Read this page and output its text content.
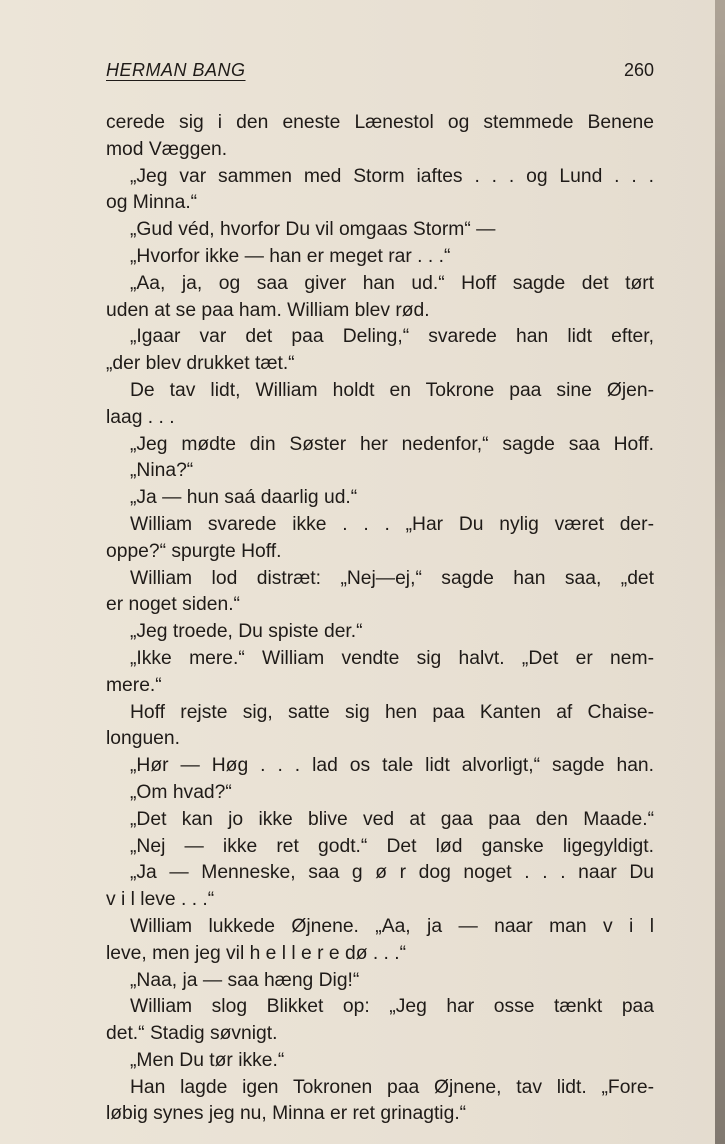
HERMAN BANG	260
cerede sig i den eneste Lænestol og stemmede Benene
mod Væggen.
„Jeg var sammen med Storm iaftes . . . og Lund . . .
og Minna.“
„Gud véd, hvorfor Du vil omgaas Storm“ —
„Hvorfor ikke — han er meget rar . . .“
„Aa, ja, og saa giver han ud.“ Hoff sagde det tørt
uden at se paa ham. William blev rød.
„Igaar var det paa Deling,“ svarede han lidt efter,
„der blev drukket tæt.“
De tav lidt, William holdt en Tokrone paa sine Øjen-
laag . . .
„Jeg mødte din Søster her nedenfor,“ sagde saa Hoff.
„Nina?“
„Ja — hun saá daarlig ud.“
William svarede ikke . . . „Har Du nylig været der-
oppe?“ spurgte Hoff.
William lod distræt: „Nej—ej,“ sagde han saa, „det
er noget siden.“
„Jeg troede, Du spiste der.“
„Ikke mere.“ William vendte sig halvt. „Det er nem-
mere.“
Hoff rejste sig, satte sig hen paa Kanten af Chaise-
longuen.
„Hør — Høg . . . lad os tale lidt alvorligt,“ sagde han.
„Om hvad?“
„Det kan jo ikke blive ved at gaa paa den Maade.“
„Nej — ikke ret godt.“ Det lød ganske ligegyldigt.
„Ja — Menneske, saa g ø r dog noget . . . naar Du
v i l leve . . .“
William lukkede Øjnene. „Aa, ja — naar man v i l
leve, men jeg vil h e l l e r e dø . . .“
„Naa, ja — saa hæng Dig!“
William slog Blikket op: „Jeg har osse tænkt paa
det.“ Stadig søvnigt.
„Men Du tør ikke.“
Han lagde igen Tokronen paa Øjnene, tav lidt. „Fore-
løbig synes jeg nu, Minna er ret grinagtig.“
